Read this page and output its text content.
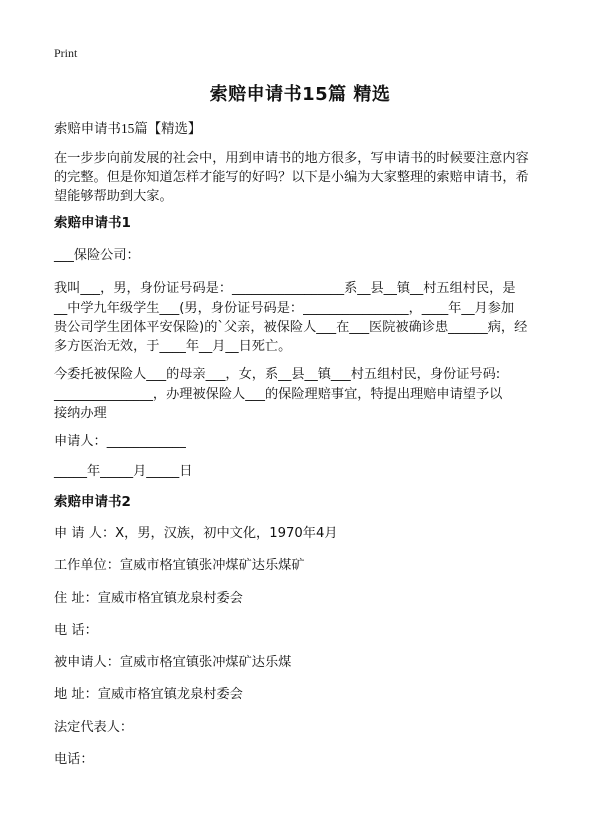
Print
索赔申请书15篇 精选
索赔申请书15篇【精选】
在一步步向前发展的社会中，用到申请书的地方很多，写申请书的时候要注意内容
的完整。但是你知道怎样才能写的好吗？以下是小编为大家整理的索赔申请书，希
望能够帮助到大家。
索赔申请书1
___保险公司：
我叫___，男，身份证号码是：_________________系__县__镇__村五组村民，是
__中学九年级学生___(男，身份证号码是：________________，____年__月参加
贵公司学生团体平安保险)的`父亲，被保险人___在___医院被确诊患______病，经
多方医治无效，于____年__月__日死亡。
今委托被保险人___的母亲___，女，系__县__镇___村五组村民，身份证号码:
_______________，办理被保险人___的保险理赔事宜，特提出理赔申请望予以
接纳办理
申请人：____________
_____年_____月_____日
索赔申请书2
申 请 人：X，男，汉族，初中文化，1970年4月
工作单位：宣威市格宜镇张冲煤矿达乐煤矿
住 址：宣威市格宜镇龙泉村委会
电 话：
被申请人：宣威市格宜镇张冲煤矿达乐煤
地 址：宣威市格宜镇龙泉村委会
法定代表人：
电话：
